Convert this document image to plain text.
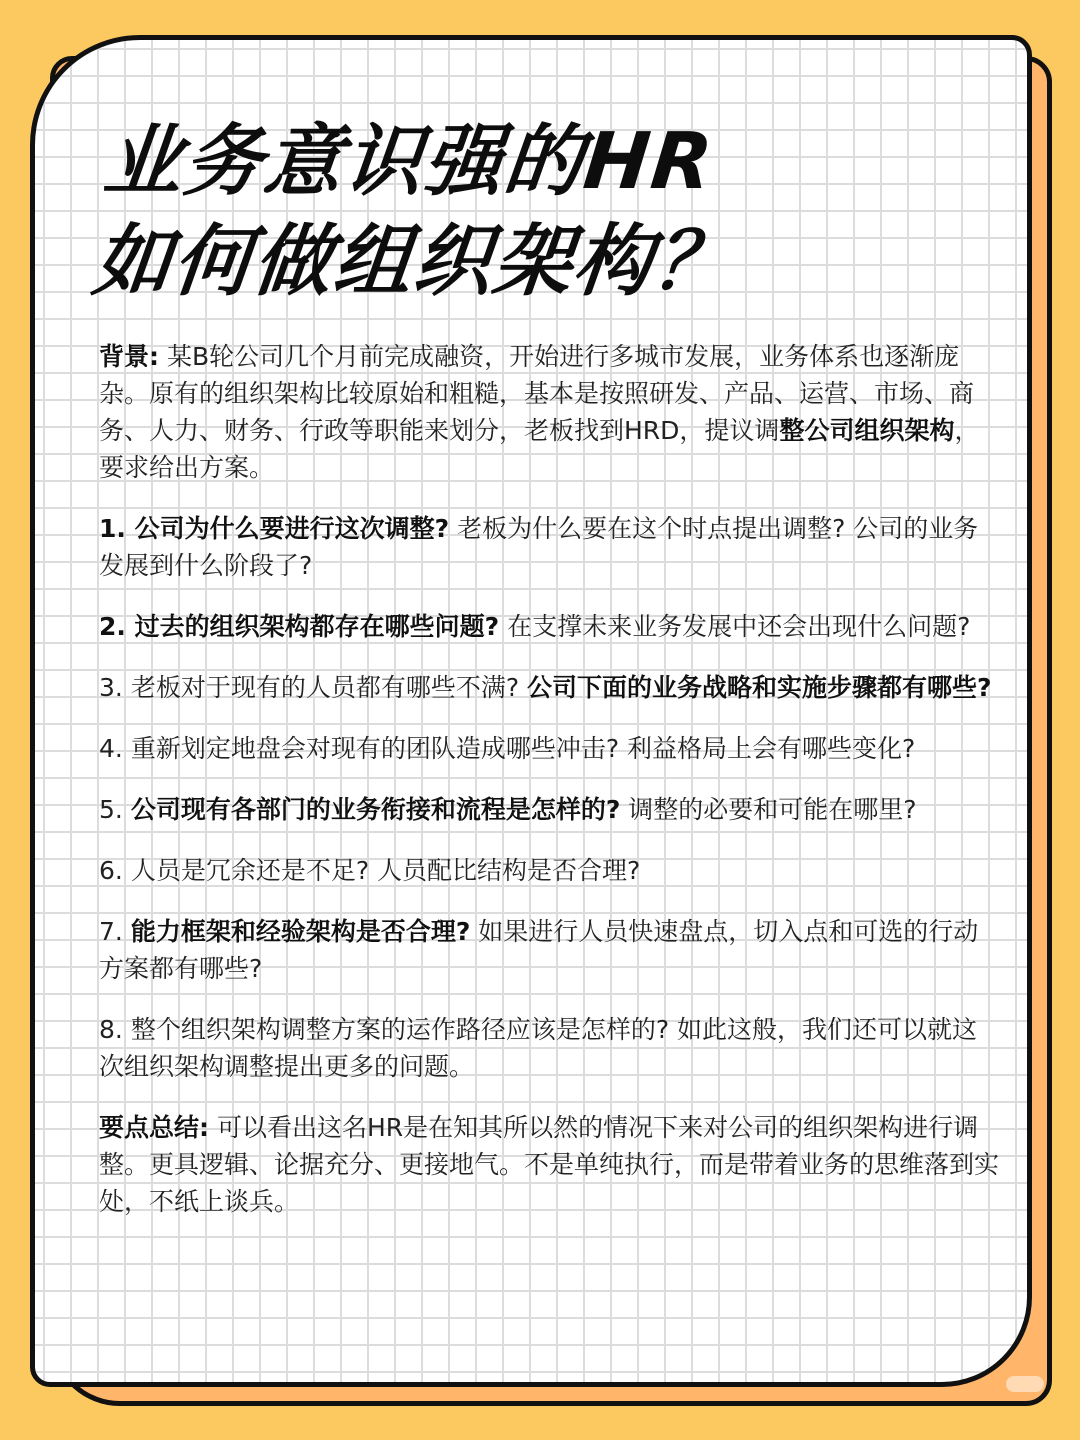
业务意识强的HR
如何做组织架构？

背景: 某B轮公司几个月前完成融资，开始进行多城市发展，业务体系也逐渐庞杂。原有的组织架构比较原始和粗糙，基本是按照研发、产品、运营、市场、商务、人力、财务、行政等职能来划分，老板找到HRD，提议调整公司组织架构，要求给出方案。

1. 公司为什么要进行这次调整? 老板为什么要在这个时点提出调整? 公司的业务发展到什么阶段了?

2. 过去的组织架构都存在哪些问题? 在支撑未来业务发展中还会出现什么问题?

3. 老板对于现有的人员都有哪些不满? 公司下面的业务战略和实施步骤都有哪些?

4. 重新划定地盘会对现有的团队造成哪些冲击? 利益格局上会有哪些变化?

5. 公司现有各部门的业务衔接和流程是怎样的? 调整的必要和可能在哪里?

6. 人员是冗余还是不足? 人员配比结构是否合理?

7. 能力框架和经验架构是否合理? 如果进行人员快速盘点，切入点和可选的行动方案都有哪些?

8. 整个组织架构调整方案的运作路径应该是怎样的? 如此这般，我们还可以就这次组织架构调整提出更多的问题。

要点总结: 可以看出这名HR是在知其所以然的情况下来对公司的组织架构进行调整。更具逻辑、论据充分、更接地气。不是单纯执行，而是带着业务的思维落到实处，不纸上谈兵。
